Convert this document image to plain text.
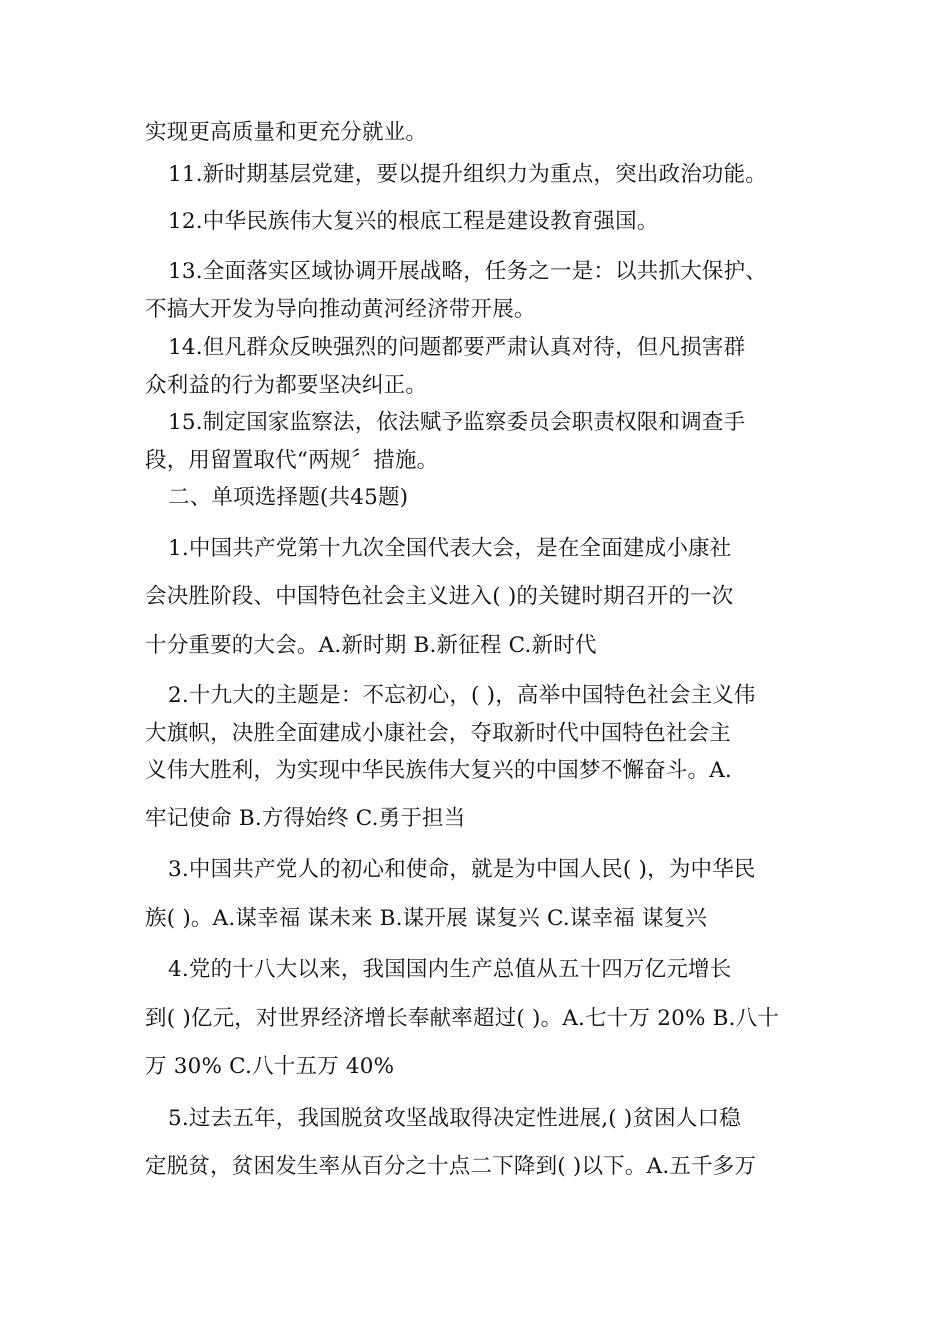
实现更高质量和更充分就业。
11.新时期基层党建，要以提升组织力为重点，突出政治功能。
12.中华民族伟大复兴的根底工程是建设教育强国。
13.全面落实区域协调开展战略，任务之一是：以共抓大保护、
不搞大开发为导向推动黄河经济带开展。
14.但凡群众反映强烈的问题都要严肃认真对待，但凡损害群
众利益的行为都要坚决纠正。
15.制定国家监察法，依法赋予监察委员会职责权限和调查手
段，用留置取代“两规〞措施。
二、单项选择题(共45题)
1.中国共产党第十九次全国代表大会，是在全面建成小康社
会决胜阶段、中国特色社会主义进入( )的关键时期召开的一次
十分重要的大会。A.新时期 B.新征程 C.新时代
2.十九大的主题是：不忘初心，( )，高举中国特色社会主义伟
大旗帜，决胜全面建成小康社会，夺取新时代中国特色社会主
义伟大胜利，为实现中华民族伟大复兴的中国梦不懈奋斗。A.
牢记使命 B.方得始终 C.勇于担当
3.中国共产党人的初心和使命，就是为中国人民( )，为中华民
族( )。A.谋幸福 谋未来 B.谋开展 谋复兴 C.谋幸福 谋复兴
4.党的十八大以来，我国国内生产总值从五十四万亿元增长
到( )亿元，对世界经济增长奉献率超过( )。A.七十万 20% B.八十
万 30% C.八十五万 40%
5.过去五年，我国脱贫攻坚战取得决定性进展,( )贫困人口稳
定脱贫，贫困发生率从百分之十点二下降到( )以下。A.五千多万
